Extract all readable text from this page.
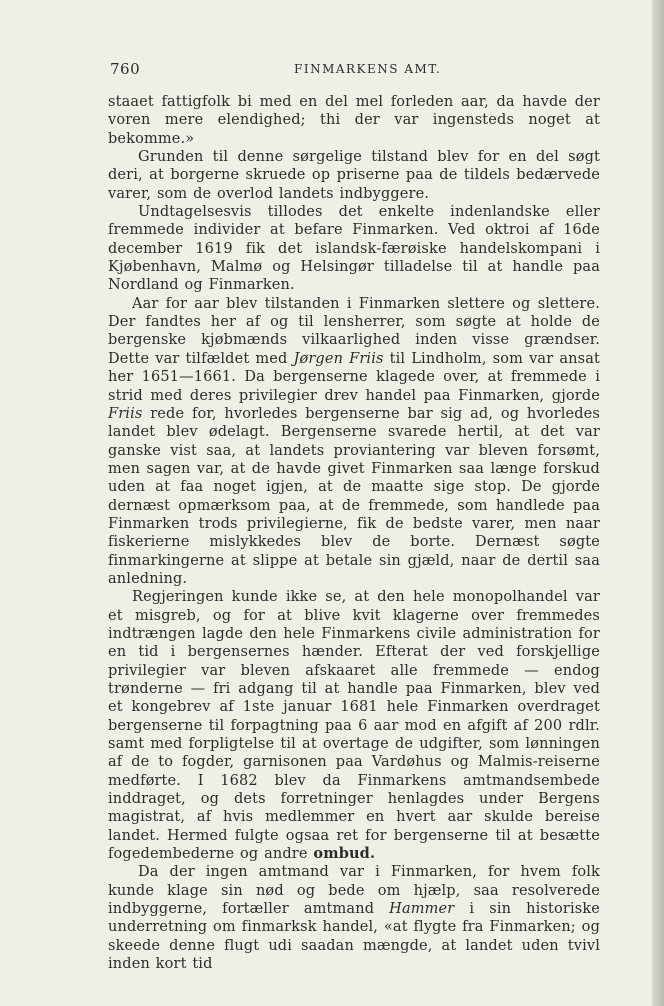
760	FINMARKENS AMT.

staaet fattigfolk bi med en del mel forleden aar, da havde der voren mere elendighed; thi der var ingensteds noget at bekomme.»

Grunden til denne sørgelige tilstand blev for en del søgt deri, at borgerne skruede op priserne paa de tildels bedærvede varer, som de overlod landets indbyggere.

Undtagelsesvis tillodes det enkelte indenlandske eller fremmede individer at befare Finmarken. Ved oktroi af 16de december 1619 fik det islandsk-færøiske handelskompani i Kjøbenhavn, Malmø og Helsingør tilladelse til at handle paa Nordland og Finmarken.

Aar for aar blev tilstanden i Finmarken slettere og slettere. Der fandtes her af og til lensherrer, som søgte at holde de bergenske kjøbmænds vilkaarlighed inden visse grændser. Dette var tilfældet med Jørgen Friis til Lindholm, som var ansat her 1651—1661. Da bergenserne klagede over, at fremmede i strid med deres privilegier drev handel paa Finmarken, gjorde Friis rede for, hvorledes bergenserne bar sig ad, og hvorledes landet blev ødelagt. Bergenserne svarede hertil, at det var ganske vist saa, at landets proviantering var bleven forsømt, men sagen var, at de havde givet Finmarken saa længe forskud uden at faa noget igjen, at de maatte sige stop. De gjorde dernæst opmærksom paa, at de fremmede, som handlede paa Finmarken trods privilegierne, fik de bedste varer, men naar fiskerierne mislykkedes blev de borte. Dernæst søgte finmarkingerne at slippe at betale sin gjæld, naar de dertil saa anledning.

Regjeringen kunde ikke se, at den hele monopolhandel var et misgreb, og for at blive kvit klagerne over fremmedes indtrængen lagde den hele Finmarkens civile administration for en tid i bergensernes hænder. Efterat der ved forskjellige privilegier var bleven afskaaret alle fremmede — endog trønderne — fri adgang til at handle paa Finmarken, blev ved et kongebrev af 1ste januar 1681 hele Finmarken overdraget bergenserne til forpagtning paa 6 aar mod en afgift af 200 rdlr. samt med forpligtelse til at overtage de udgifter, som lønningen af de to fogder, garnisonen paa Vardøhus og Malmis-reiserne medførte. I 1682 blev da Finmarkens amtmandsembede inddraget, og dets forretninger henlagdes under Bergens magistrat, af hvis medlemmer en hvert aar skulde bereise landet. Hermed fulgte ogsaa ret for bergenserne til at besætte fogedembederne og andre ombud.

Da der ingen amtmand var i Finmarken, for hvem folk kunde klage sin nød og bede om hjælp, saa resolverede indbyggerne, fortæller amtmand Hammer i sin historiske underretning om finmarksk handel, «at flygte fra Finmarken; og skeede denne flugt udi saadan mængde, at landet uden tvivl inden kort tid
